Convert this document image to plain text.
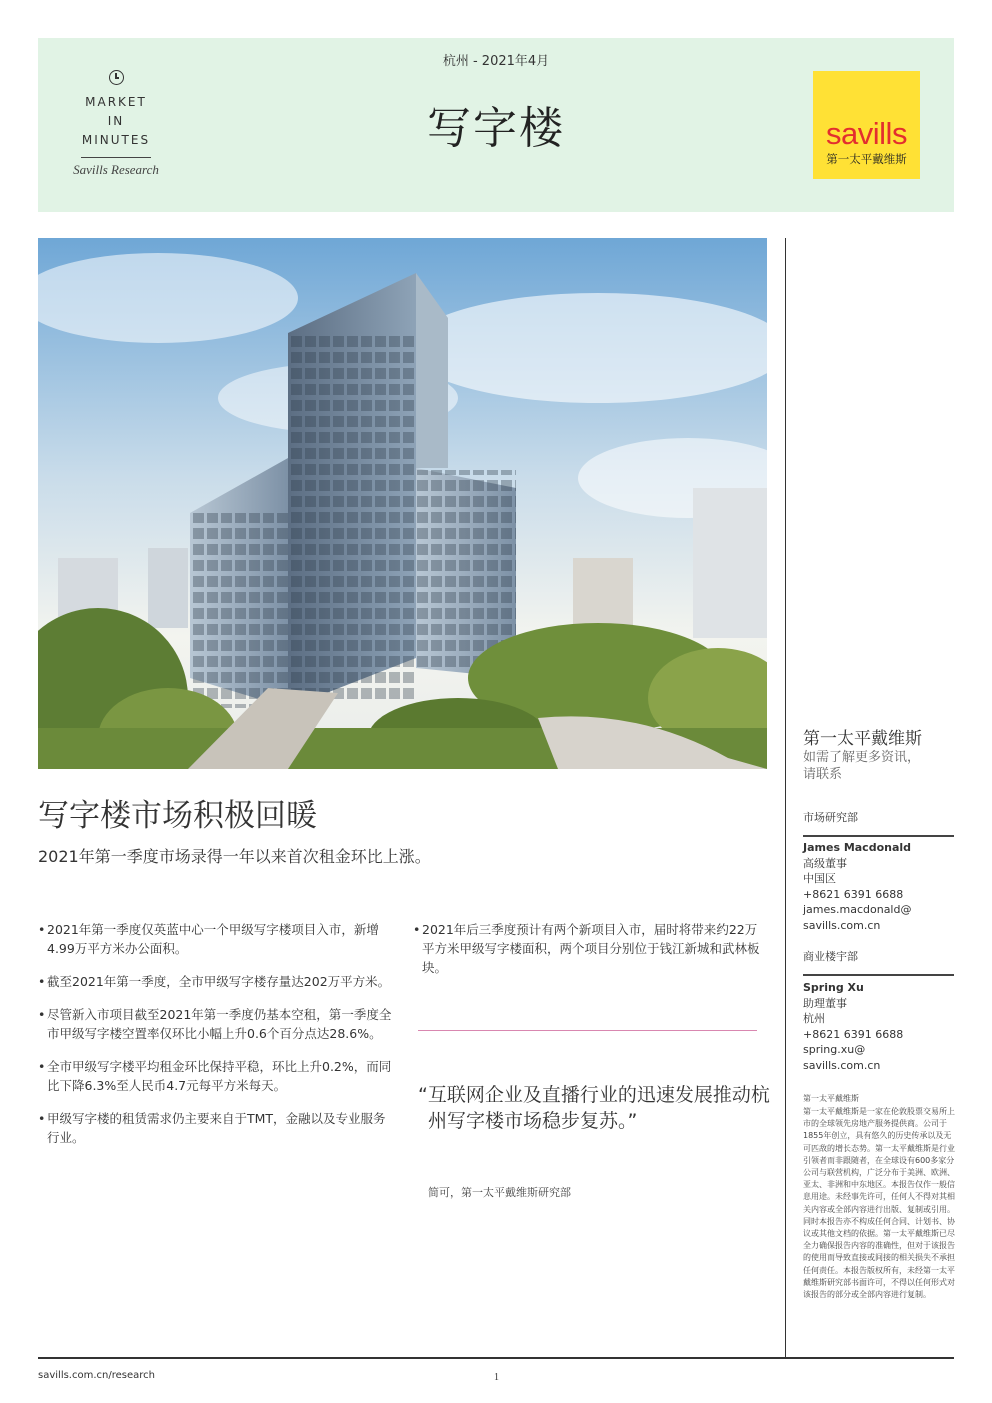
MARKET
IN
MINUTES
Savills Research
杭州 - 2021年4月
写字楼	savills
第一太平戴维斯
写字楼市场积极回暖
2021年第一季度市场录得一年以来首次租金环比上涨。
• 2021年第一季度仅英蓝中心一个甲级写字楼项目入市，新增4.99万平方米办公面积。
• 截至2021年第一季度，全市甲级写字楼存量达202万平方米。
• 尽管新入市项目截至2021年第一季度仍基本空租，第一季度全市甲级写字楼空置率仅环比小幅上升0.6个百分点达28.6%。
• 全市甲级写字楼平均租金环比保持平稳，环比上升0.2%，而同比下降6.3%至人民币4.7元每平方米每天。
• 甲级写字楼的租赁需求仍主要来自于TMT，金融以及专业服务行业。
• 2021年后三季度预计有两个新项目入市，届时将带来约22万平方米甲级写字楼面积，两个项目分别位于钱江新城和武林板块。
“互联网企业及直播行业的迅速发展推动杭州写字楼市场稳步复苏。”
简可，第一太平戴维斯研究部
第一太平戴维斯
如需了解更多资讯，
请联系
市场研究部
James Macdonald
高级董事
中国区
+8621 6391 6688
james.macdonald@
savills.com.cn
商业楼宇部
Spring Xu
助理董事
杭州
+8621 6391 6688
spring.xu@
savills.com.cn
第一太平戴维斯
第一太平戴维斯是一家在伦敦股票交易所上市的全球领先房地产服务提供商。公司于1855年创立，具有悠久的历史传承以及无可匹敌的增长态势。第一太平戴维斯是行业引领者而非跟随者，在全球设有600多家分公司与联营机构，广泛分布于美洲、欧洲、亚太、非洲和中东地区。本报告仅作一般信息用途。未经事先许可，任何人不得对其相关内容或全部内容进行出版、复制或引用。同时本报告亦不构成任何合同、计划书、协议或其他文档的依据。第一太平戴维斯已尽全力确保报告内容的准确性，但对于该报告的使用而导致直接或间接的相关损失不承担任何责任。本报告版权所有，未经第一太平戴维斯研究部书面许可，不得以任何形式对该报告的部分或全部内容进行复制。
savills.com.cn/research	1
